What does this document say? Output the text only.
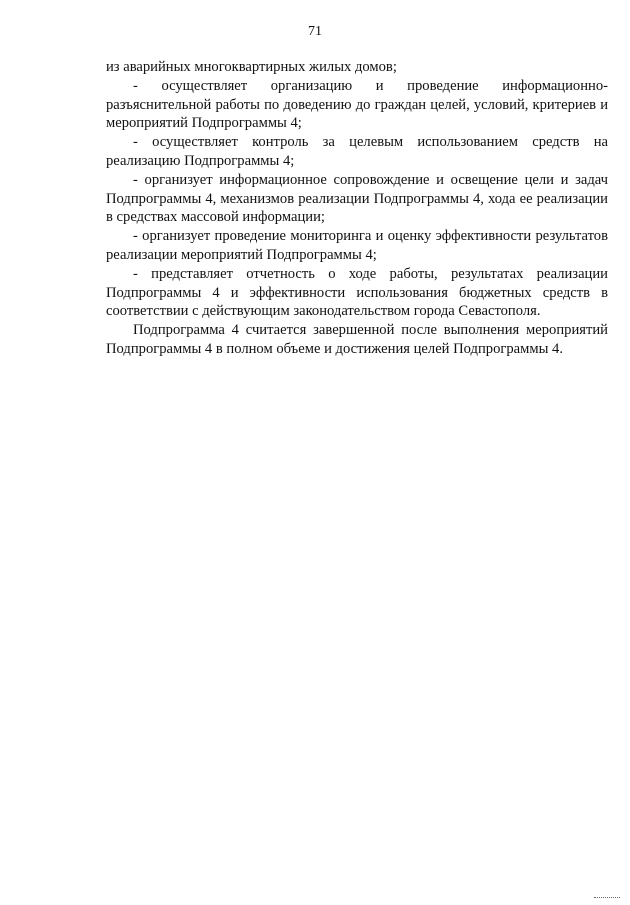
71

из аварийных многоквартирных жилых домов;

- осуществляет организацию и проведение информационно-разъяснительной работы по доведению до граждан целей, условий, критериев и мероприятий Подпрограммы 4;

- осуществляет контроль за целевым использованием средств на реализацию Подпрограммы 4;

- организует информационное сопровождение и освещение цели и задач Подпрограммы 4, механизмов реализации Подпрограммы 4, хода ее реализации в средствах массовой информации;

- организует проведение мониторинга и оценку эффективности результатов реализации мероприятий Подпрограммы 4;

- представляет отчетность о ходе работы, результатах реализации Подпрограммы 4 и эффективности использования бюджетных средств в соответствии с действующим законодательством города Севастополя.

Подпрограмма 4 считается завершенной после выполнения мероприятий Подпрограммы 4 в полном объеме и достижения целей Подпрограммы 4.
